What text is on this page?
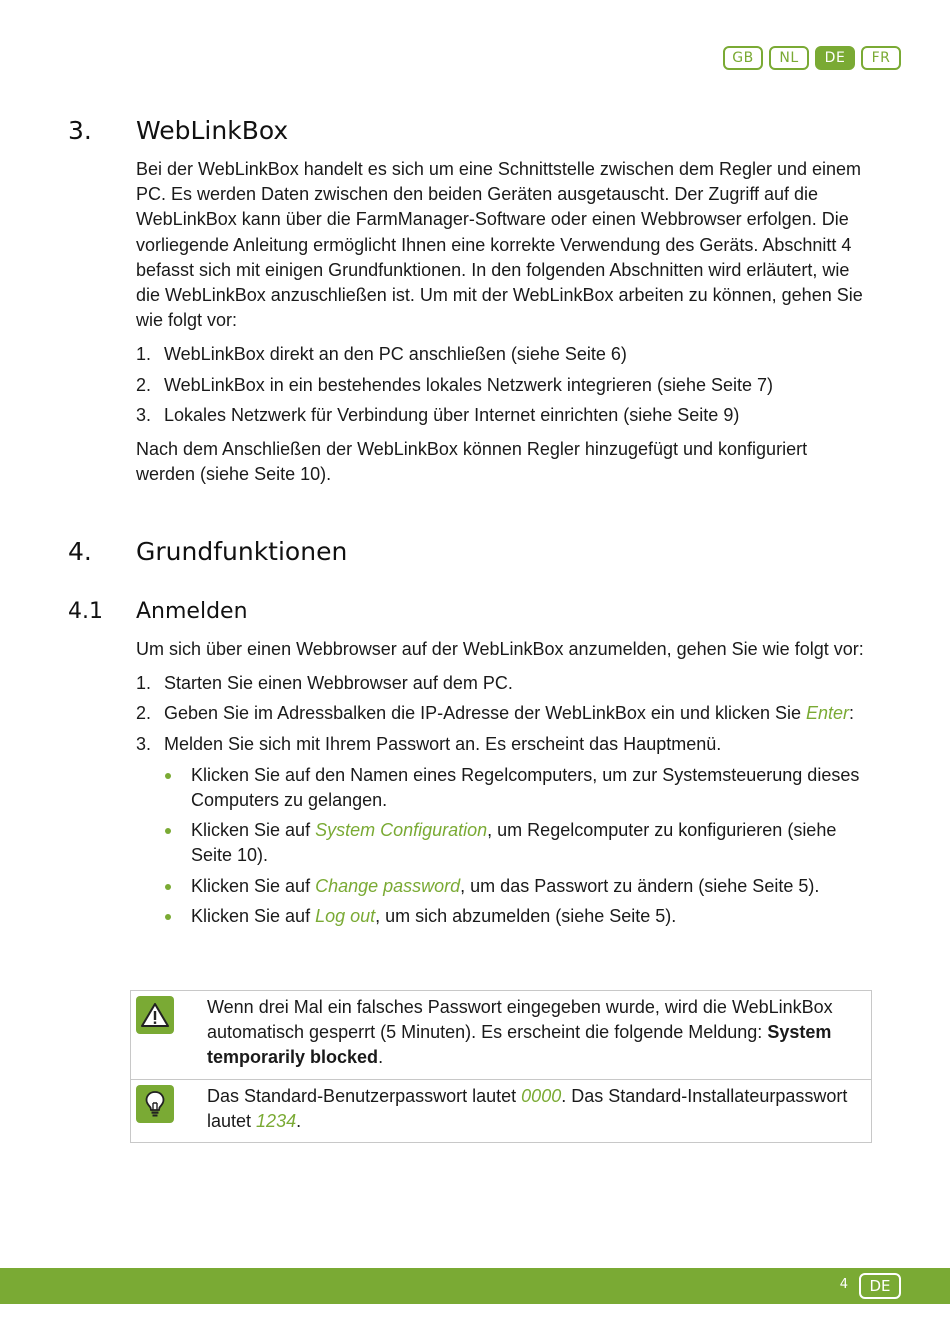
GB	NL	DE	FR
3. WebLinkBox

Bei der WebLinkBox handelt es sich um eine Schnittstelle zwischen dem Regler und einem PC. Es werden Daten zwischen den beiden Geräten ausgetauscht. Der Zugriff auf die WebLinkBox kann über die FarmManager-Software oder einen Webbrowser erfolgen. Die vorliegende Anleitung ermöglicht Ihnen eine korrekte Verwendung des Geräts. Abschnitt 4 befasst sich mit einigen Grundfunktionen. In den folgenden Abschnitten wird erläutert, wie die WebLinkBox anzuschließen ist. Um mit der WebLinkBox arbeiten zu können, gehen Sie wie folgt vor:

1. WebLinkBox direkt an den PC anschließen (siehe Seite 6)
2. WebLinkBox in ein bestehendes lokales Netzwerk integrieren (siehe Seite 7)
3. Lokales Netzwerk für Verbindung über Internet einrichten (siehe Seite 9)

Nach dem Anschließen der WebLinkBox können Regler hinzugefügt und konfiguriert werden (siehe Seite 10).

4. Grundfunktionen
4.1 Anmelden

Um sich über einen Webbrowser auf der WebLinkBox anzumelden, gehen Sie wie folgt vor:

1. Starten Sie einen Webbrowser auf dem PC.
2. Geben Sie im Adressbalken die IP-Adresse der WebLinkBox ein und klicken Sie Enter:
3. Melden Sie sich mit Ihrem Passwort an. Es erscheint das Hauptmenü.
Klicken Sie auf den Namen eines Regelcomputers, um zur Systemsteuerung dieses Computers zu gelangen.
Klicken Sie auf System Configuration, um Regelcomputer zu konfigurieren (siehe Seite 10).
Klicken Sie auf Change password, um das Passwort zu ändern (siehe Seite 5).
Klicken Sie auf Log out, um sich abzumelden (siehe Seite 5).
Wenn drei Mal ein falsches Passwort eingegeben wurde, wird die WebLinkBox automatisch gesperrt (5 Minuten). Es erscheint die folgende Meldung: System temporarily blocked.
Das Standard-Benutzerpasswort lautet 0000. Das Standard-Installateurpasswort lautet 1234.
4	DE
